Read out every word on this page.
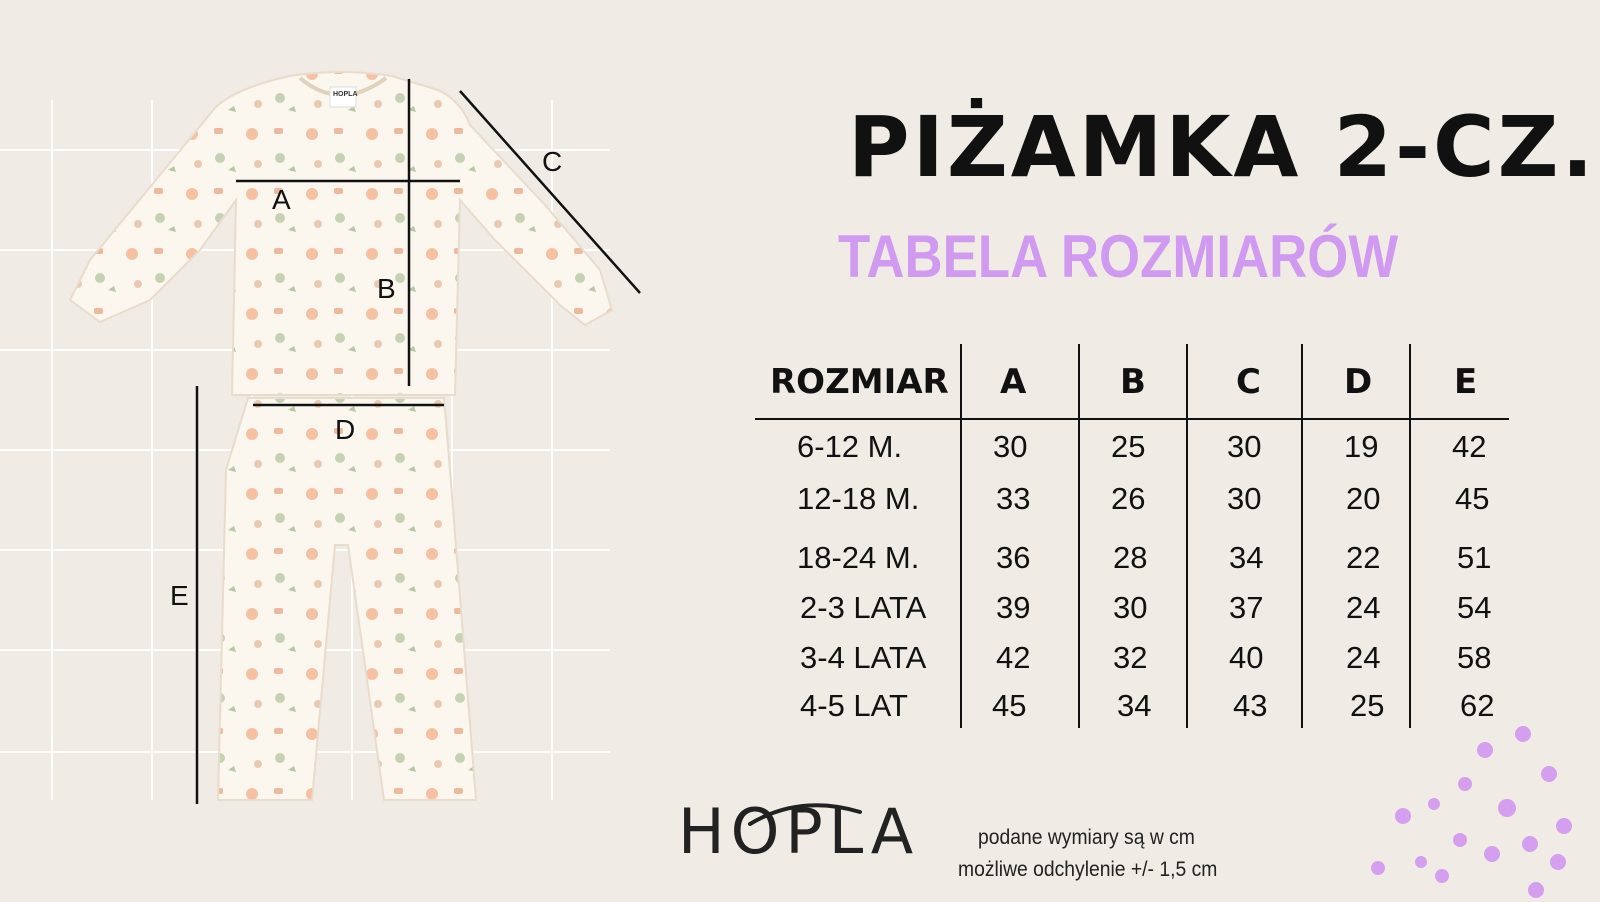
A
B
C
D
E
HOPLA
PIŻAMKA 2-CZ.
TABELA ROZMIARÓW
ROZMIAR A	B	C D E
6-12 M.	30	25	30	19 42
12-18 M. 33	26	30	20 45
18-24 M. 36	28	34	22 51
2-3 LATA 39	30	37	24 54
3-4 LATA 42	32	40	24 58
4-5 LAT	45	34	43	25 62
HOPLA	podane wymiary są w cm
możliwe odchylenie +/- 1,5 cm
